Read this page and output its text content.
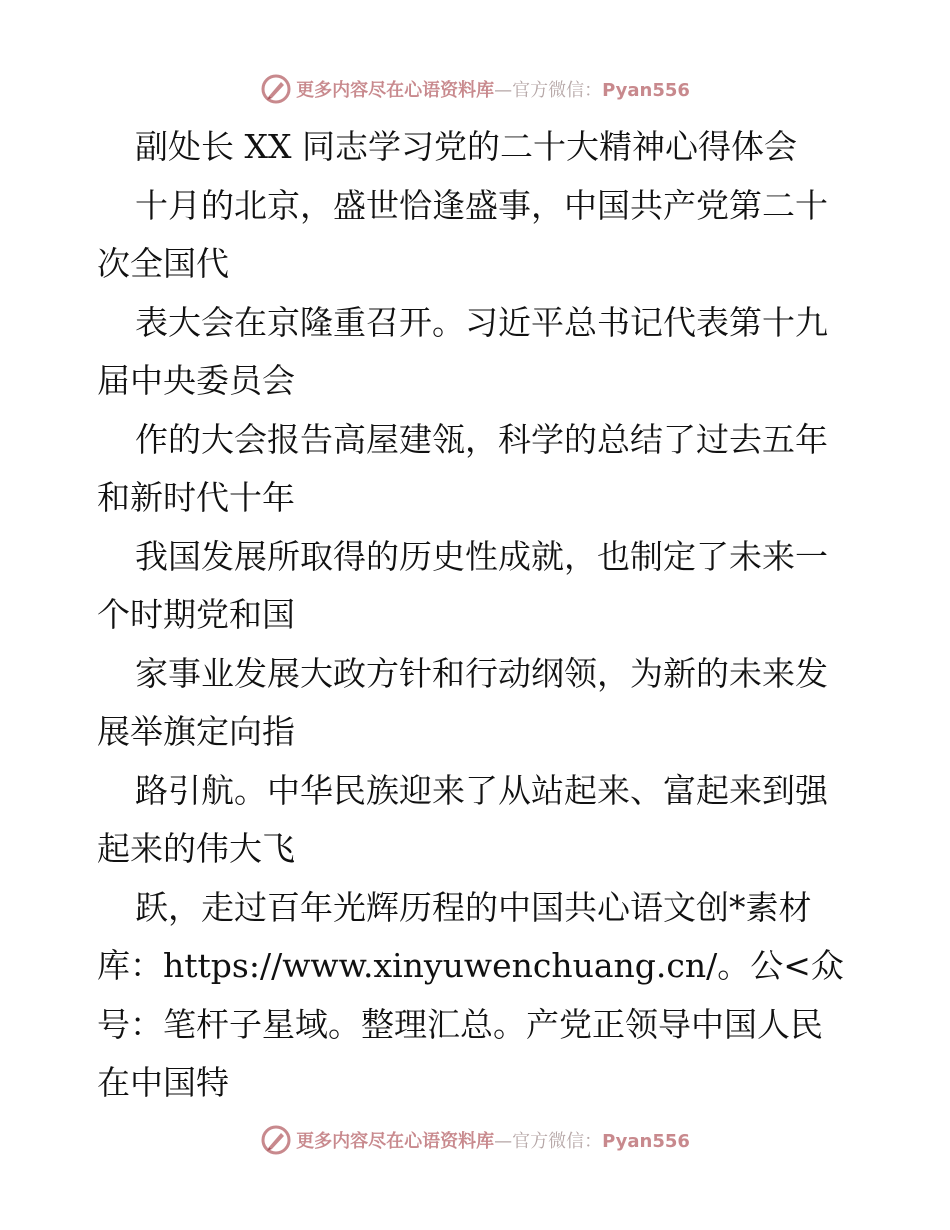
更多内容尽在心语资料库—官方微信：Pyan556
副处长 XX 同志学习党的二十大精神心得体会
十月的北京，盛世恰逢盛事，中国共产党第二十
次全国代
表大会在京隆重召开。习近平总书记代表第十九
届中央委员会
作的大会报告高屋建瓴，科学的总结了过去五年
和新时代十年
我国发展所取得的历史性成就，也制定了未来一
个时期党和国
家事业发展大政方针和行动纲领，为新的未来发
展举旗定向指
路引航。中华民族迎来了从站起来、富起来到强
起来的伟大飞
跃，走过百年光辉历程的中国共心语文创*素材
库：https://www.xinyuwenchuang.cn/。公<众
号：笔杆子星域。整理汇总。产党正领导中国人民
在中国特
更多内容尽在心语资料库—官方微信：Pyan556
